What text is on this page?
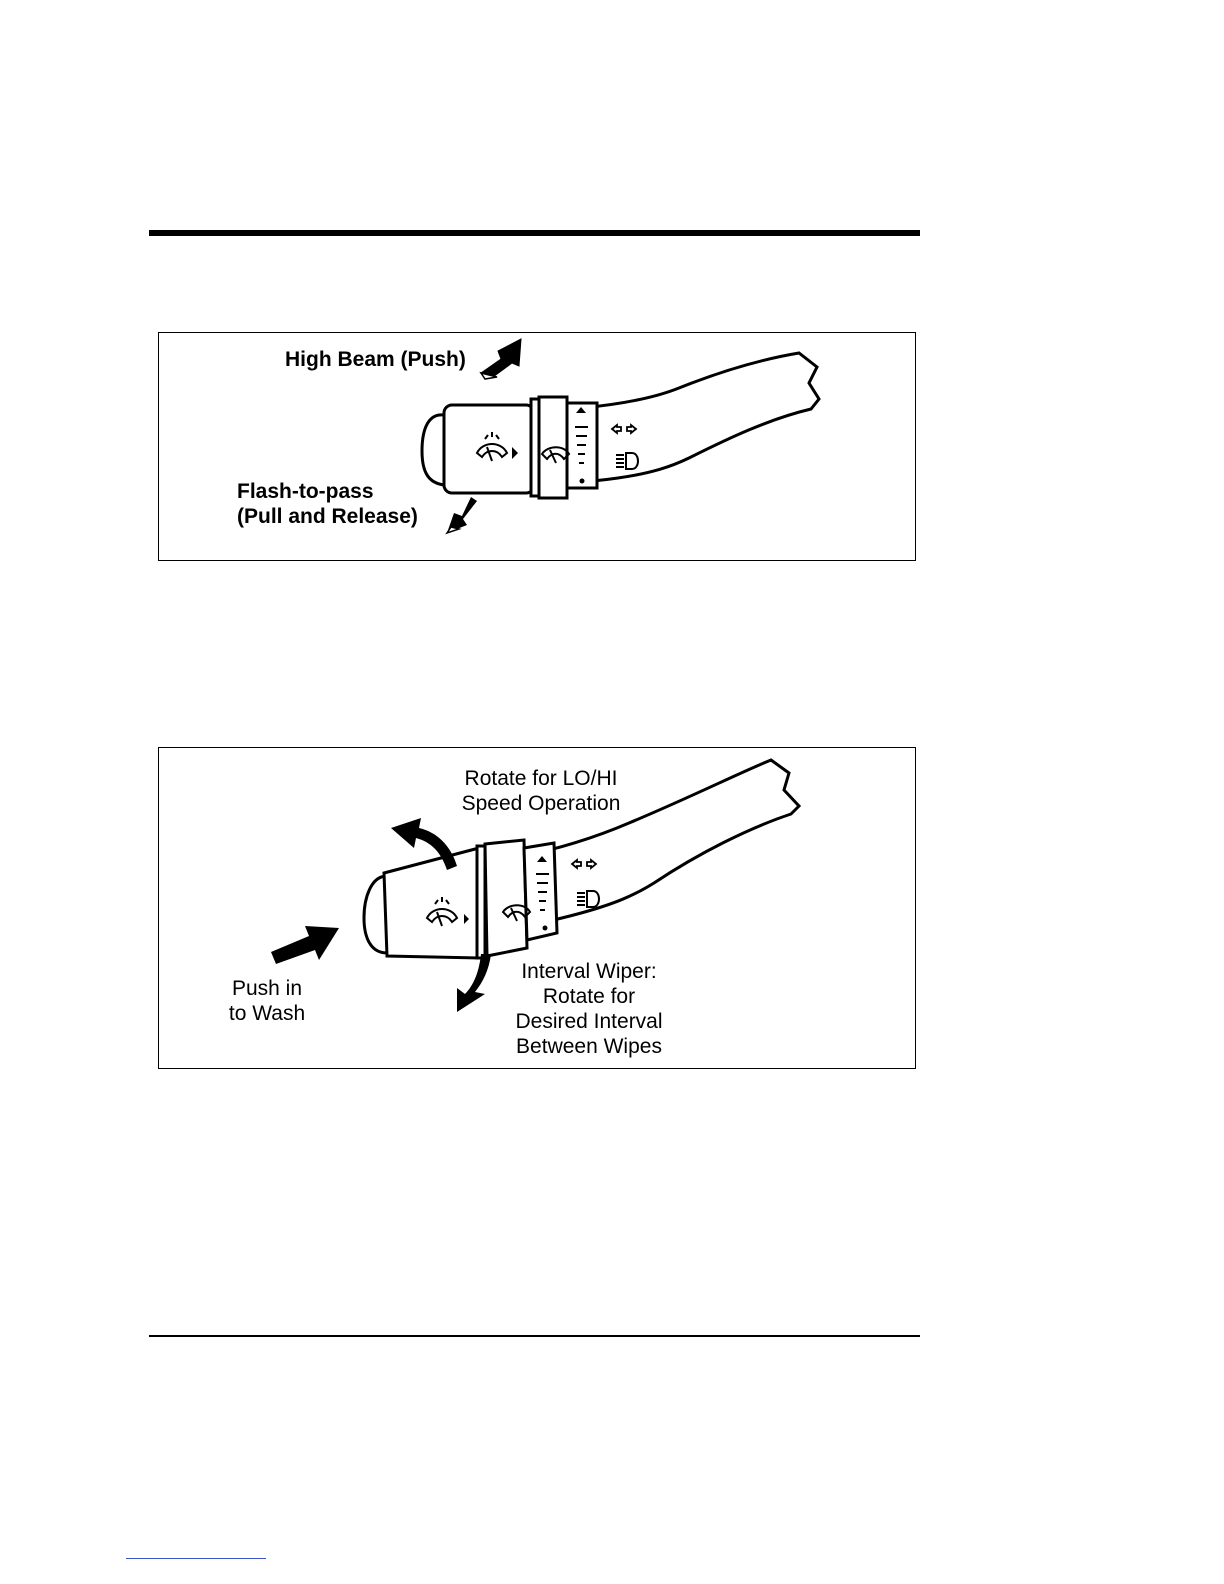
High Beam (Push)
Flash-to-pass
(Pull and Release)
Rotate for LO/HI
Speed Operation
Push in
to Wash
Interval Wiper:
Rotate for
Desired Interval
Between Wipes
